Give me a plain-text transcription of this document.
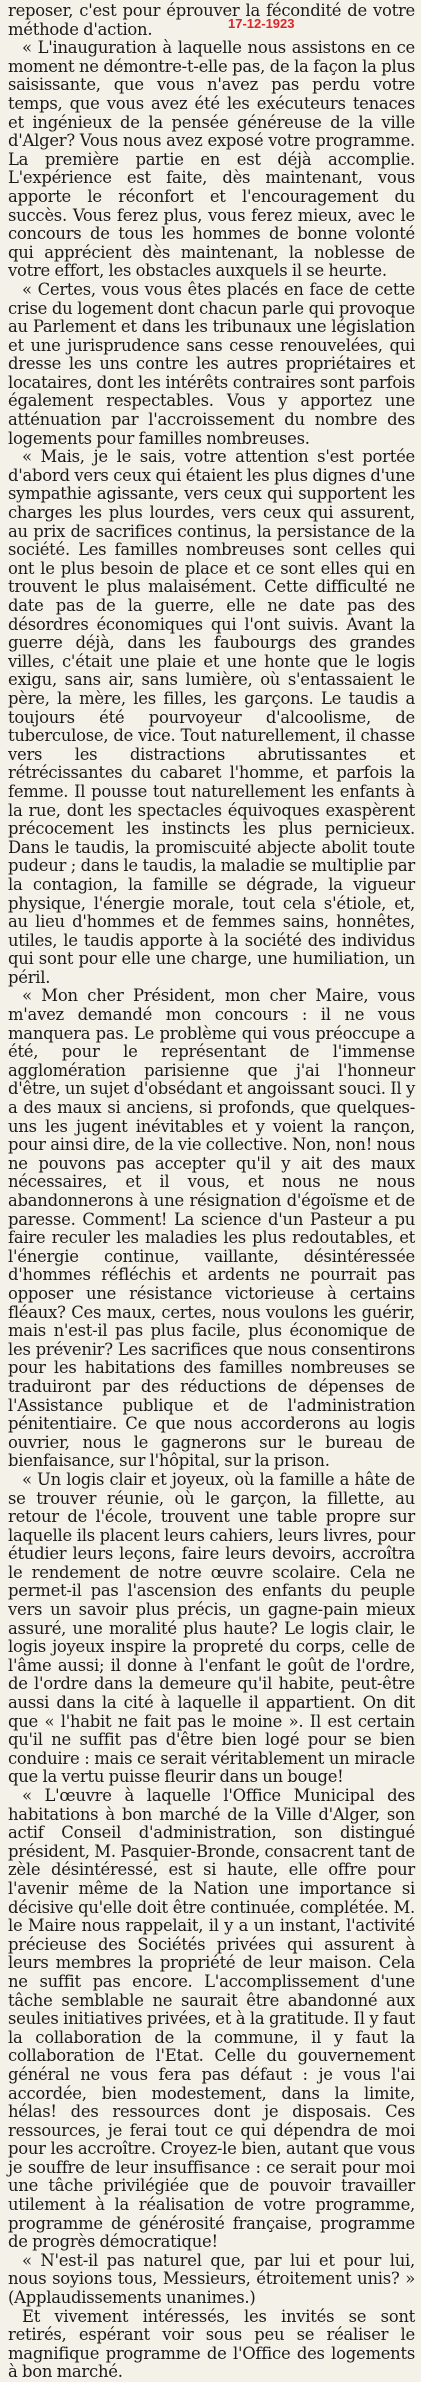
17-12-1923

reposer, c'est pour éprouver la fécondité de votre méthode d'action.

« L'inauguration à laquelle nous assistons en ce moment ne démontre-t-elle pas, de la façon la plus saisissante, que vous n'avez pas perdu votre temps, que vous avez été les exécuteurs tenaces et ingénieux de la pensée généreuse de la ville d'Alger? Vous nous avez exposé votre programme. La première partie en est déjà accomplie. L'expérience est faite, dès maintenant, vous apporte le réconfort et l'encouragement du succès. Vous ferez plus, vous ferez mieux, avec le concours de tous les hommes de bonne volonté qui apprécient dès maintenant, la noblesse de votre effort, les obstacles auxquels il se heurte.

« Certes, vous vous êtes placés en face de cette crise du logement dont chacun parle qui provoque au Parlement et dans les tribunaux une législation et une jurisprudence sans cesse renouvelées, qui dresse les uns contre les autres propriétaires et locataires, dont les intérêts contraires sont parfois également respectables. Vous y apportez une atténuation par l'accroissement du nombre des logements pour familles nombreuses.

« Mais, je le sais, votre attention s'est portée d'abord vers ceux qui étaient les plus dignes d'une sympathie agissante, vers ceux qui supportent les charges les plus lourdes, vers ceux qui assurent, au prix de sacrifices continus, la persistance de la société. Les familles nombreuses sont celles qui ont le plus besoin de place et ce sont elles qui en trouvent le plus malaisément. Cette difficulté ne date pas de la guerre, elle ne date pas des désordres économiques qui l'ont suivis. Avant la guerre déjà, dans les faubourgs des grandes villes, c'était une plaie et une honte que le logis exigu, sans air, sans lumière, où s'entassaient le père, la mère, les filles, les garçons. Le taudis a toujours été pourvoyeur d'alcoolisme, de tuberculose, de vice. Tout naturellement, il chasse vers les distractions abrutissantes et rétrécissantes du cabaret l'homme, et parfois la femme. Il pousse tout naturellement les enfants à la rue, dont les spectacles équivoques exaspèrent précocement les instincts les plus pernicieux. Dans le taudis, la promiscuité abjecte abolit toute pudeur ; dans le taudis, la maladie se multiplie par la contagion, la famille se dégrade, la vigueur physique, l'énergie morale, tout cela s'étiole, et, au lieu d'hommes et de femmes sains, honnêtes, utiles, le taudis apporte à la société des individus qui sont pour elle une charge, une humiliation, un péril.

« Mon cher Président, mon cher Maire, vous m'avez demandé mon concours : il ne vous manquera pas. Le problème qui vous préoccupe a été, pour le représentant de l'immense agglomération parisienne que j'ai l'honneur d'être, un sujet d'obsédant et angoissant souci. Il y a des maux si anciens, si profonds, que quelques-uns les jugent inévitables et y voient la rançon, pour ainsi dire, de la vie collective. Non, non! nous ne pouvons pas accepter qu'il y ait des maux nécessaires, et il vous, et nous ne nous abandonnerons à une résignation d'égoïsme et de paresse. Comment! La science d'un Pasteur a pu faire reculer les maladies les plus redoutables, et l'énergie continue, vaillante, désintéressée d'hommes réfléchis et ardents ne pourrait pas opposer une résistance victorieuse à certains fléaux? Ces maux, certes, nous voulons les guérir, mais n'est-il pas plus facile, plus économique de les prévenir? Les sacrifices que nous consentirons pour les habitations des familles nombreuses se traduiront par des réductions de dépenses de l'Assistance publique et de l'administration pénitentiaire. Ce que nous accorderons au logis ouvrier, nous le gagnerons sur le bureau de bienfaisance, sur l'hôpital, sur la prison.

« Un logis clair et joyeux, où la famille a hâte de se trouver réunie, où le garçon, la fillette, au retour de l'école, trouvent une table propre sur laquelle ils placent leurs cahiers, leurs livres, pour étudier leurs leçons, faire leurs devoirs, accroîtra le rendement de notre œuvre scolaire. Cela ne permet-il pas l'ascension des enfants du peuple vers un savoir plus précis, un gagne-pain mieux assuré, une moralité plus haute? Le logis clair, le logis joyeux inspire la propreté du corps, celle de l'âme aussi; il donne à l'enfant le goût de l'ordre, de l'ordre dans la demeure qu'il habite, peut-être aussi dans la cité à laquelle il appartient. On dit que « l'habit ne fait pas le moine ». Il est certain qu'il ne suffit pas d'être bien logé pour se bien conduire : mais ce serait véritablement un miracle que la vertu puisse fleurir dans un bouge!

« L'œuvre à laquelle l'Office Municipal des habitations à bon marché de la Ville d'Alger, son actif Conseil d'administration, son distingué président, M. Pasquier-Bronde, consacrent tant de zèle désintéressé, est si haute, elle offre pour l'avenir même de la Nation une importance si décisive qu'elle doit être continuée, complétée. M. le Maire nous rappelait, il y a un instant, l'activité précieuse des Sociétés privées qui assurent à leurs membres la propriété de leur maison. Cela ne suffit pas encore. L'accomplissement d'une tâche semblable ne saurait être abandonné aux seules initiatives privées, et à la gratitude. Il y faut la collaboration de la commune, il y faut la collaboration de l'Etat. Celle du gouvernement général ne vous fera pas défaut : je vous l'ai accordée, bien modestement, dans la limite, hélas! des ressources dont je disposais. Ces ressources, je ferai tout ce qui dépendra de moi pour les accroître. Croyez-le bien, autant que vous je souffre de leur insuffisance : ce serait pour moi une tâche privilégiée que de pouvoir travailler utilement à la réalisation de votre programme, programme de générosité française, programme de progrès démocratique!

« N'est-il pas naturel que, par lui et pour lui, nous soyions tous, Messieurs, étroitement unis? » (Applaudissements unanimes.)

Et vivement intéressés, les invités se sont retirés, espérant voir sous peu se réaliser le magnifique programme de l'Office des logements à bon marché.
